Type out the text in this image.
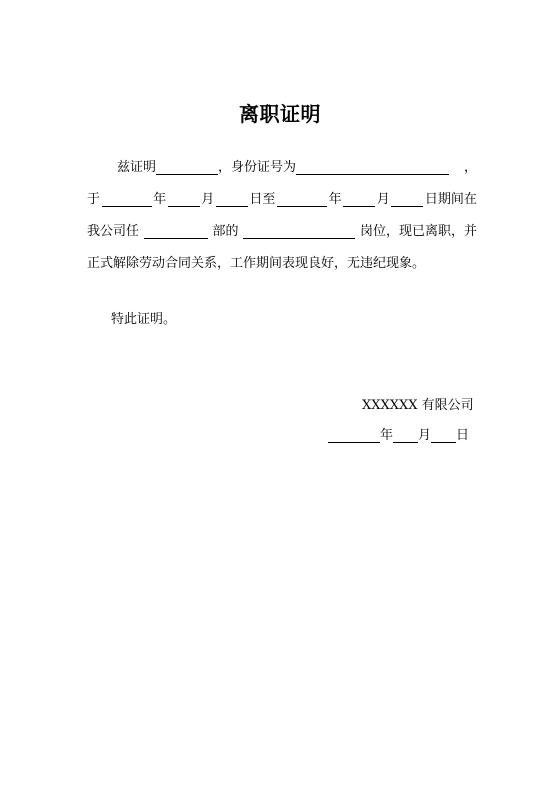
离职证明
兹证明	，身份证号为	，
于	年	月	日至	年	月	日期间在
我公司任	部的	岗位，现已离职，并
正式解除劳动合同关系，工作期间表现良好，无违纪现象。
特此证明。
XXXXXX 有限公司
年 月 日
